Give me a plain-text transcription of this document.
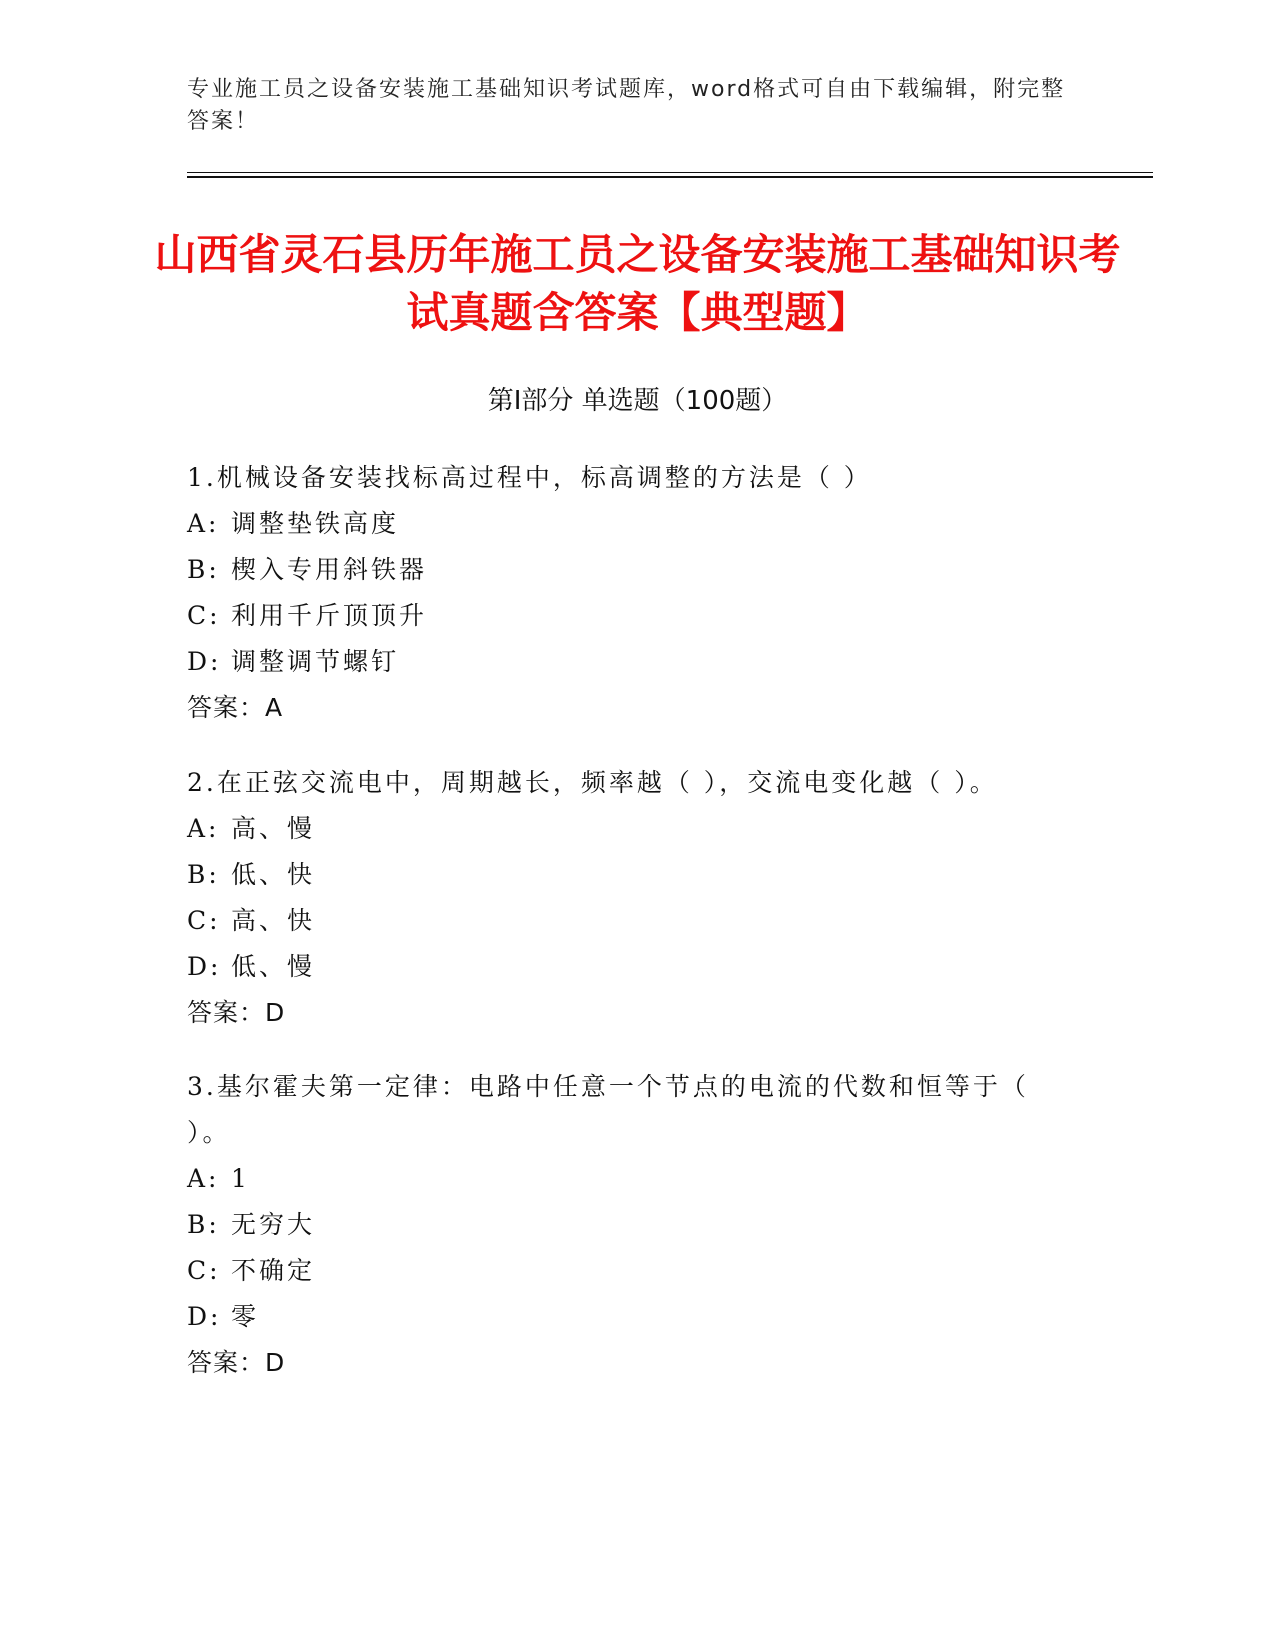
专业施工员之设备安装施工基础知识考试题库，word格式可自由下载编辑，附完整答案！
山西省灵石县历年施工员之设备安装施工基础知识考试真题含答案【典型题】
第Ⅰ部分 单选题（100题）

1.机械设备安装找标高过程中，标高调整的方法是（ ）

A: 调整垫铁高度

B: 楔入专用斜铁器

C: 利用千斤顶顶升

D: 调整调节螺钉

答案：A

2.在正弦交流电中，周期越长，频率越（ ），交流电变化越（ ）。

A: 高、慢

B: 低、快

C: 高、快

D: 低、慢

答案：D

3.基尔霍夫第一定律：电路中任意一个节点的电流的代数和恒等于（ ）。

A: 1

B: 无穷大

C: 不确定

D: 零

答案：D
